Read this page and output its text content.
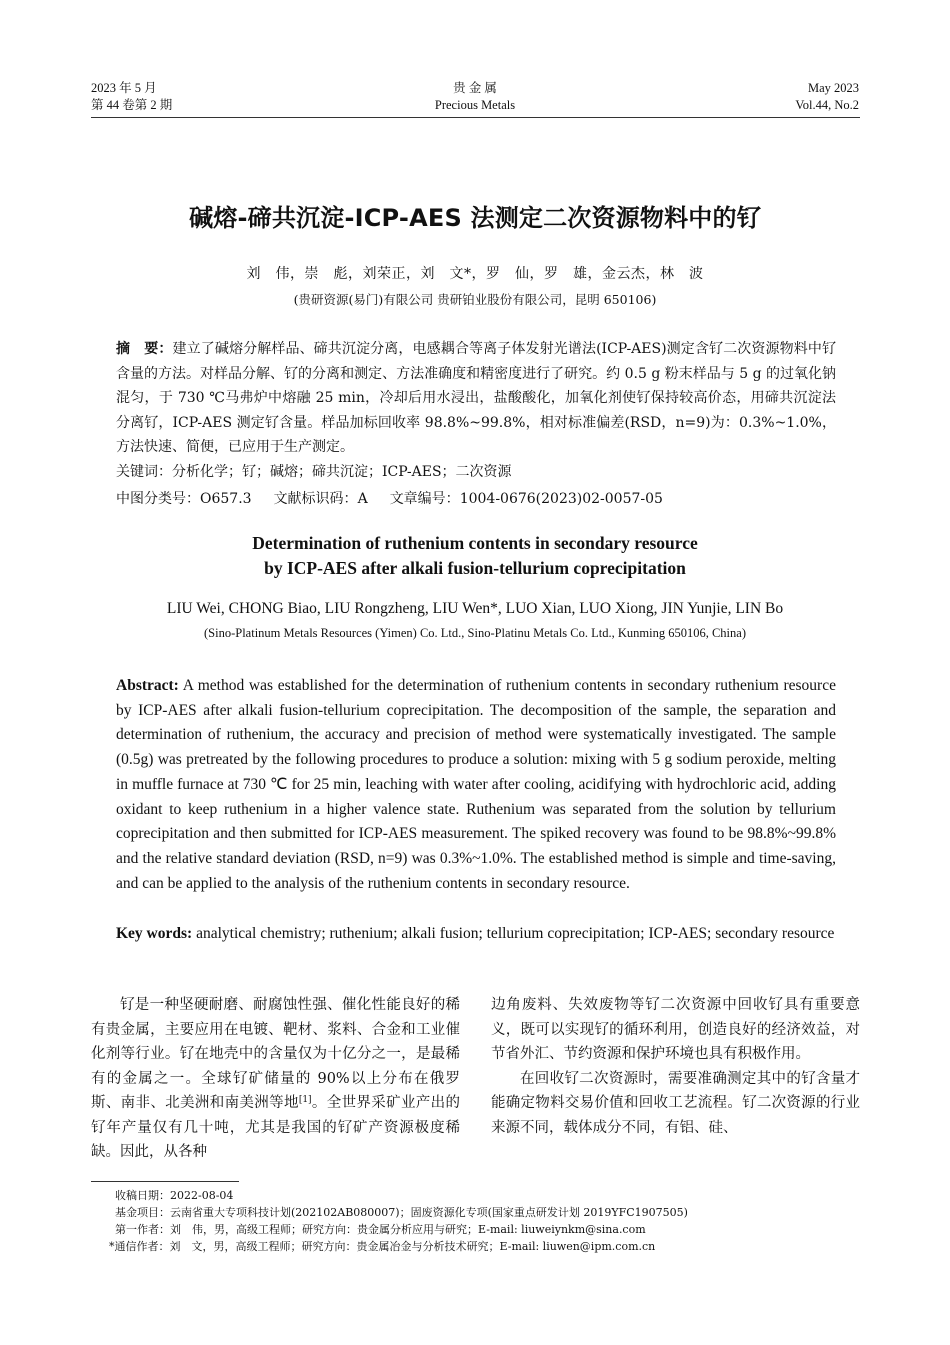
2023 年 5 月
第 44 卷第 2 期
贵 金 属
Precious Metals
May 2023
Vol.44, No.2
碱熔-碲共沉淀-ICP-AES 法测定二次资源物料中的钌
刘　伟，崇　彪，刘荣正，刘　文*，罗　仙，罗　雄，金云杰，林　波
(贵研资源(易门)有限公司 贵研铂业股份有限公司，昆明 650106)
摘　要：建立了碱熔分解样品、碲共沉淀分离，电感耦合等离子体发射光谱法(ICP-AES)测定含钌二次资源物料中钌含量的方法。对样品分解、钌的分离和测定、方法准确度和精密度进行了研究。约 0.5 g 粉末样品与 5 g 的过氧化钠混匀，于 730 ℃马弗炉中熔融 25 min，冷却后用水浸出，盐酸酸化，加氧化剂使钌保持较高价态，用碲共沉淀法分离钌，ICP-AES 测定钌含量。样品加标回收率 98.8%~99.8%，相对标准偏差(RSD，n=9)为：0.3%~1.0%，方法快速、简便，已应用于生产测定。
关键词：分析化学；钌；碱熔；碲共沉淀；ICP-AES；二次资源
中图分类号：O657.3 文献标识码：A 文章编号：1004-0676(2023)02-0057-05
Determination of ruthenium contents in secondary resource
by ICP-AES after alkali fusion-tellurium coprecipitation
LIU Wei, CHONG Biao, LIU Rongzheng, LIU Wen*, LUO Xian, LUO Xiong, JIN Yunjie, LIN Bo
(Sino-Platinum Metals Resources (Yimen) Co. Ltd., Sino-Platinu Metals Co. Ltd., Kunming 650106, China)
Abstract: A method was established for the determination of ruthenium contents in secondary ruthenium resource by ICP-AES after alkali fusion-tellurium coprecipitation. The decomposition of the sample, the separation and determination of ruthenium, the accuracy and precision of method were systematically investigated. The sample (0.5g) was pretreated by the following procedures to produce a solution: mixing with 5 g sodium peroxide, melting in muffle furnace at 730 ℃ for 25 min, leaching with water after cooling, acidifying with hydrochloric acid, adding oxidant to keep ruthenium in a higher valence state. Ruthenium was separated from the solution by tellurium coprecipitation and then submitted for ICP-AES measurement. The spiked recovery was found to be 98.8%~99.8% and the relative standard deviation (RSD, n=9) was 0.3%~1.0%. The established method is simple and time-saving, and can be applied to the analysis of the ruthenium contents in secondary resource.
Key words: analytical chemistry; ruthenium; alkali fusion; tellurium coprecipitation; ICP-AES; secondary resource

钌是一种坚硬耐磨、耐腐蚀性强、催化性能良好的稀有贵金属，主要应用在电镀、靶材、浆料、合金和工业催化剂等行业。钌在地壳中的含量仅为十亿分之一，是最稀有的金属之一。全球钌矿储量的 90%以上分布在俄罗斯、南非、北美洲和南美洲等地[1]。全世界采矿业产出的钌年产量仅有几十吨，尤其是我国的钌矿产资源极度稀缺。因此，从各种

边角废料、失效废物等钌二次资源中回收钌具有重要意义，既可以实现钌的循环利用，创造良好的经济效益，对节省外汇、节约资源和保护环境也具有积极作用。

在回收钌二次资源时，需要准确测定其中的钌含量才能确定物料交易价值和回收工艺流程。钌二次资源的行业来源不同，载体成分不同，有铝、硅、

收稿日期：2022-08-04
基金项目：云南省重大专项科技计划(202102AB080007)；固废资源化专项(国家重点研发计划 2019YFC1907505)
第一作者：刘　伟，男，高级工程师；研究方向：贵金属分析应用与研究；E-mail: liuweiynkm@sina.com
*通信作者：刘　文，男，高级工程师；研究方向：贵金属冶金与分析技术研究；E-mail: liuwen@ipm.com.cn
